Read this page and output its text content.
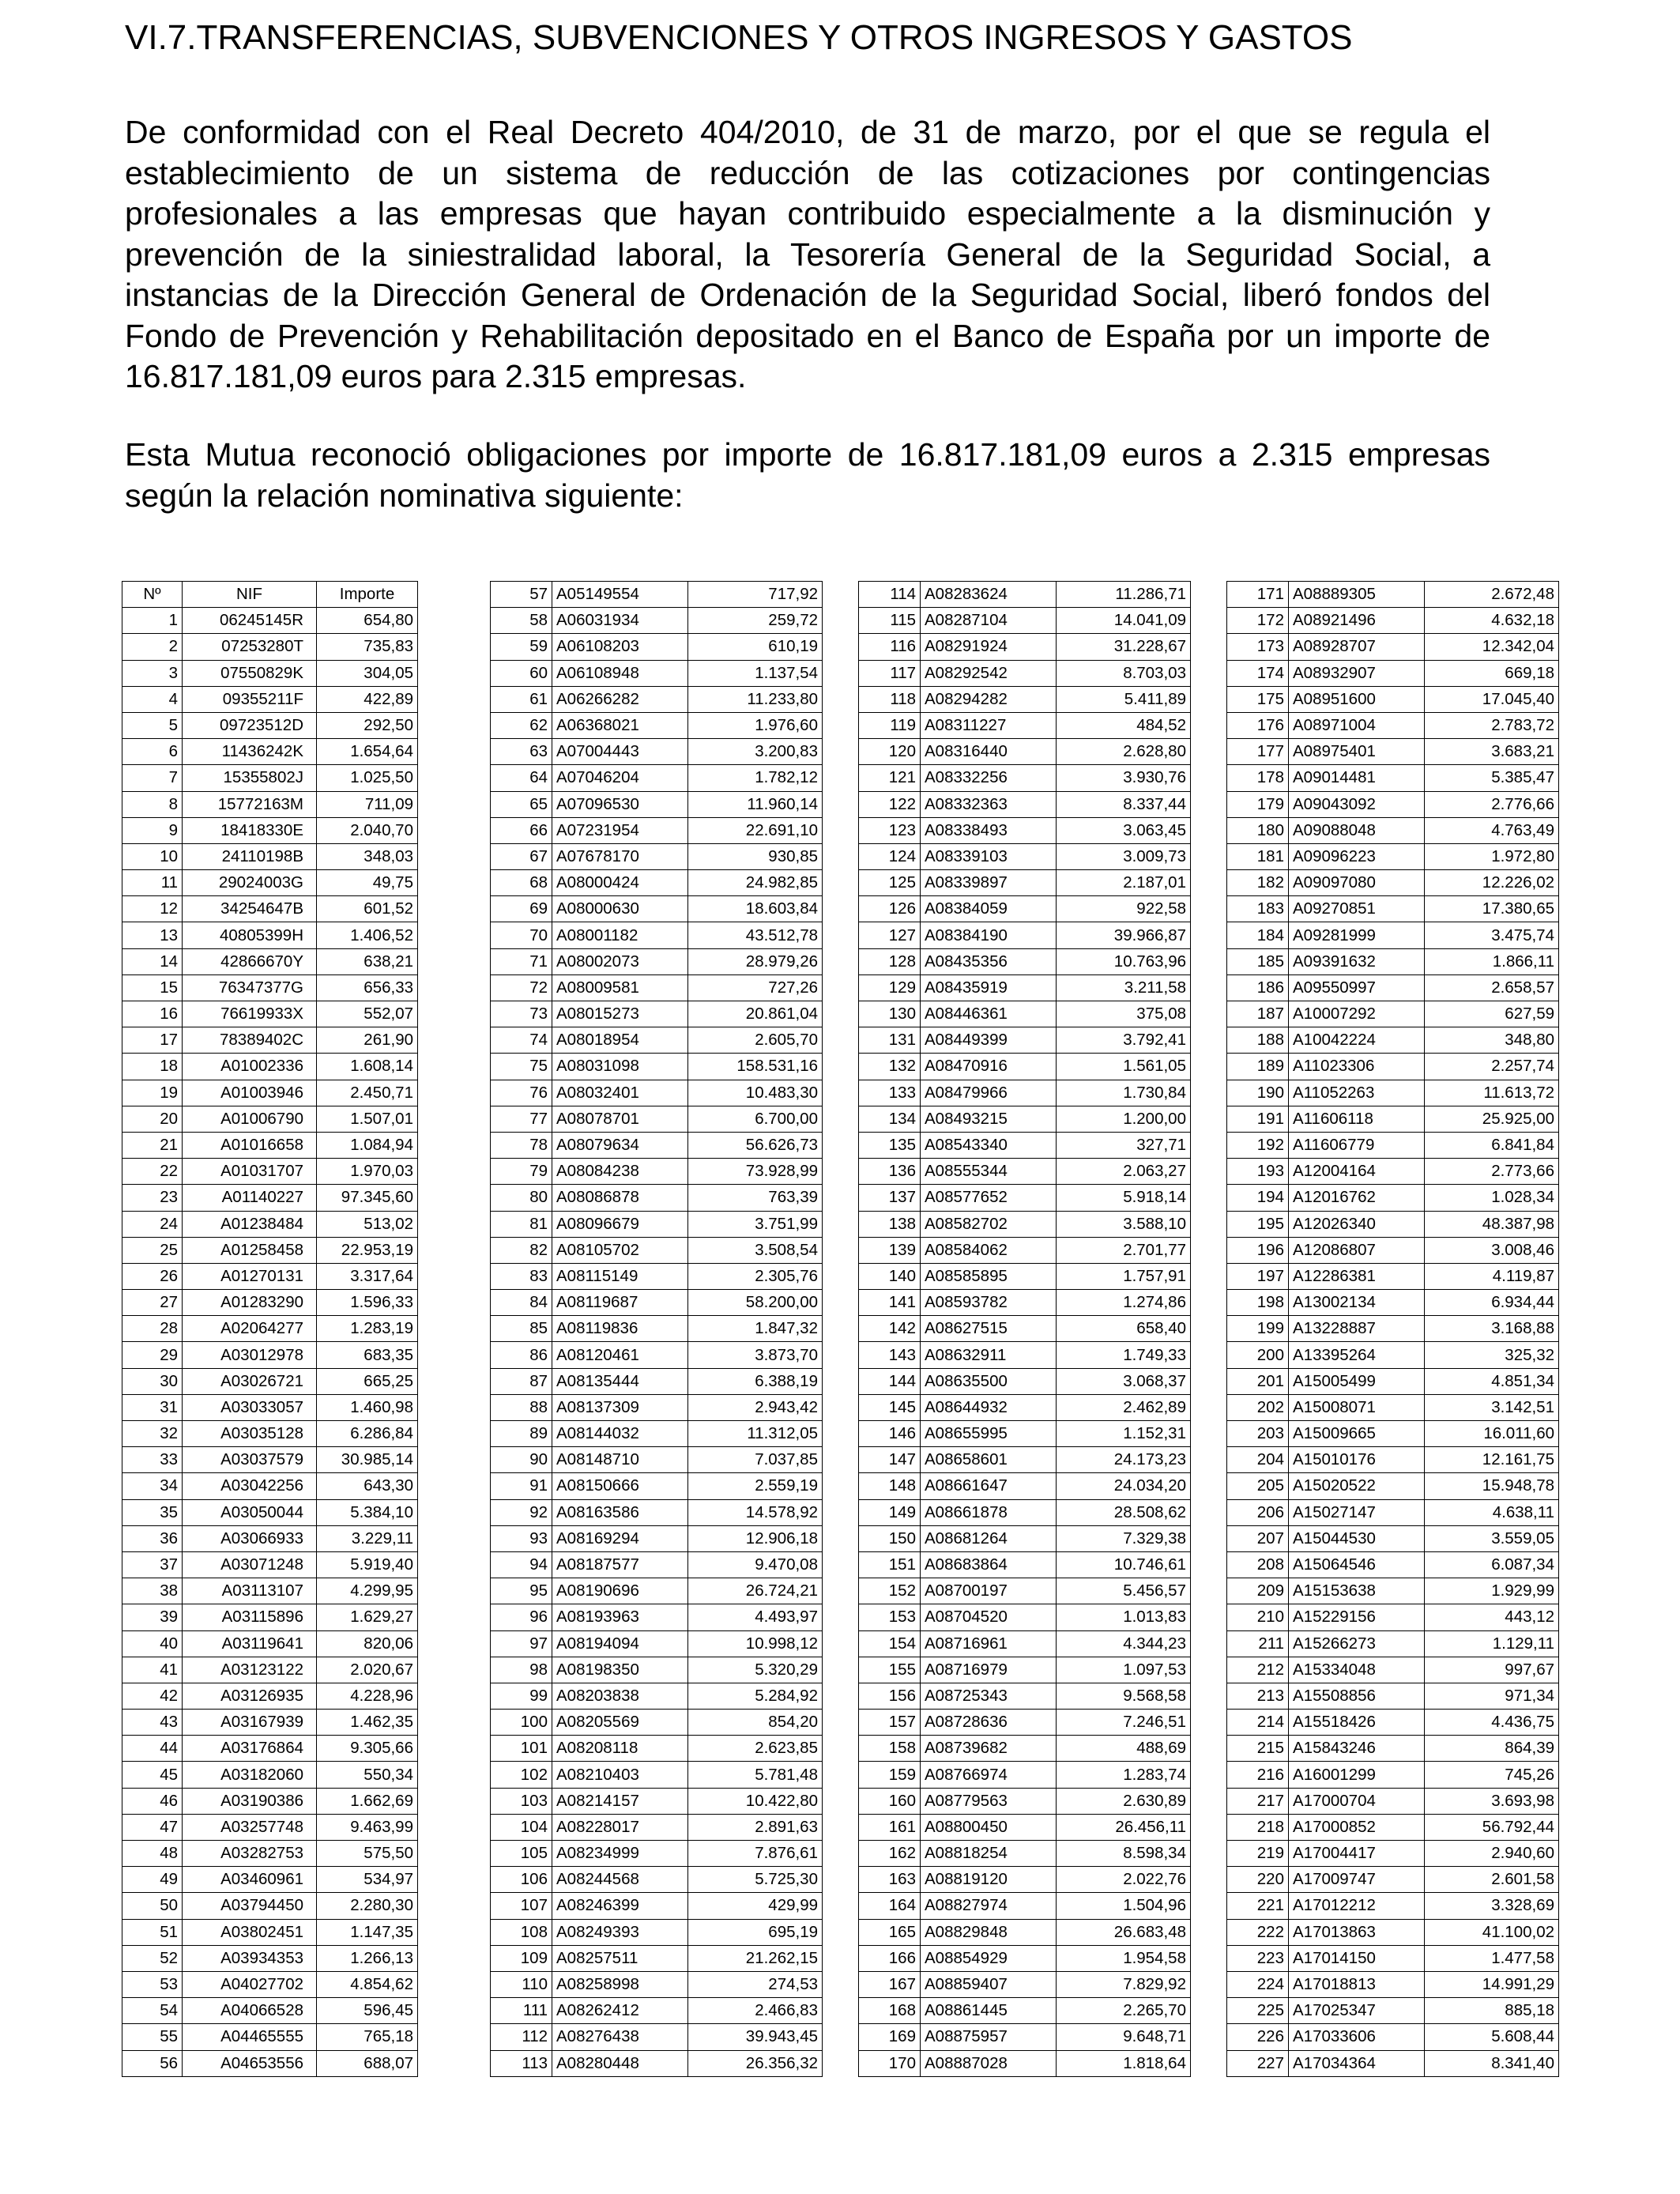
VI.7.TRANSFERENCIAS, SUBVENCIONES Y OTROS INGRESOS Y GASTOS

De conformidad con el Real Decreto 404/2010, de 31 de marzo, por el que se regula el establecimiento de un sistema de reducción de las cotizaciones por contingencias profesionales a las empresas que hayan contribuido especialmente a la disminución y prevención de la siniestralidad laboral, la Tesorería General de la Seguridad Social, a instancias de la Dirección General de Ordenación de la Seguridad Social, liberó fondos del Fondo de Prevención y Rehabilitación depositado en el Banco de España por un importe de 16.817.181,09 euros para 2.315 empresas.

Esta Mutua reconoció obligaciones por importe de 16.817.181,09 euros a 2.315 empresas según la relación nominativa siguiente:

Nº	NIF	Importe
1	06245145R	654,80
2	07253280T	735,83
3	07550829K	304,05
4	09355211F	422,89
5	09723512D	292,50
6	11436242K	1.654,64
7	15355802J	1.025,50
8	15772163M	711,09
9	18418330E	2.040,70
10	24110198B	348,03
11	29024003G	49,75
12	34254647B	601,52
13	40805399H	1.406,52
14	42866670Y	638,21
15	76347377G	656,33
16	76619933X	552,07
17	78389402C	261,90
18	A01002336	1.608,14
19	A01003946	2.450,71
20	A01006790	1.507,01
21	A01016658	1.084,94
22	A01031707	1.970,03
23	A01140227	97.345,60
24	A01238484	513,02
25	A01258458	22.953,19
26	A01270131	3.317,64
27	A01283290	1.596,33
28	A02064277	1.283,19
29	A03012978	683,35
30	A03026721	665,25
31	A03033057	1.460,98
32	A03035128	6.286,84
33	A03037579	30.985,14
34	A03042256	643,30
35	A03050044	5.384,10
36	A03066933	3.229,11
37	A03071248	5.919,40
38	A03113107	4.299,95
39	A03115896	1.629,27
40	A03119641	820,06
41	A03123122	2.020,67
42	A03126935	4.228,96
43	A03167939	1.462,35
44	A03176864	9.305,66
45	A03182060	550,34
46	A03190386	1.662,69
47	A03257748	9.463,99
48	A03282753	575,50
49	A03460961	534,97
50	A03794450	2.280,30
51	A03802451	1.147,35
52	A03934353	1.266,13
53	A04027702	4.854,62
54	A04066528	596,45
55	A04465555	765,18
56	A04653556	688,07
57	A05149554	717,92
58	A06031934	259,72
59	A06108203	610,19
60	A06108948	1.137,54
61	A06266282	11.233,80
62	A06368021	1.976,60
63	A07004443	3.200,83
64	A07046204	1.782,12
65	A07096530	11.960,14
66	A07231954	22.691,10
67	A07678170	930,85
68	A08000424	24.982,85
69	A08000630	18.603,84
70	A08001182	43.512,78
71	A08002073	28.979,26
72	A08009581	727,26
73	A08015273	20.861,04
74	A08018954	2.605,70
75	A08031098	158.531,16
76	A08032401	10.483,30
77	A08078701	6.700,00
78	A08079634	56.626,73
79	A08084238	73.928,99
80	A08086878	763,39
81	A08096679	3.751,99
82	A08105702	3.508,54
83	A08115149	2.305,76
84	A08119687	58.200,00
85	A08119836	1.847,32
86	A08120461	3.873,70
87	A08135444	6.388,19
88	A08137309	2.943,42
89	A08144032	11.312,05
90	A08148710	7.037,85
91	A08150666	2.559,19
92	A08163586	14.578,92
93	A08169294	12.906,18
94	A08187577	9.470,08
95	A08190696	26.724,21
96	A08193963	4.493,97
97	A08194094	10.998,12
98	A08198350	5.320,29
99	A08203838	5.284,92
100	A08205569	854,20
101	A08208118	2.623,85
102	A08210403	5.781,48
103	A08214157	10.422,80
104	A08228017	2.891,63
105	A08234999	7.876,61
106	A08244568	5.725,30
107	A08246399	429,99
108	A08249393	695,19
109	A08257511	21.262,15
110	A08258998	274,53
111	A08262412	2.466,83
112	A08276438	39.943,45
113	A08280448	26.356,32
114	A08283624	11.286,71
115	A08287104	14.041,09
116	A08291924	31.228,67
117	A08292542	8.703,03
118	A08294282	5.411,89
119	A08311227	484,52
120	A08316440	2.628,80
121	A08332256	3.930,76
122	A08332363	8.337,44
123	A08338493	3.063,45
124	A08339103	3.009,73
125	A08339897	2.187,01
126	A08384059	922,58
127	A08384190	39.966,87
128	A08435356	10.763,96
129	A08435919	3.211,58
130	A08446361	375,08
131	A08449399	3.792,41
132	A08470916	1.561,05
133	A08479966	1.730,84
134	A08493215	1.200,00
135	A08543340	327,71
136	A08555344	2.063,27
137	A08577652	5.918,14
138	A08582702	3.588,10
139	A08584062	2.701,77
140	A08585895	1.757,91
141	A08593782	1.274,86
142	A08627515	658,40
143	A08632911	1.749,33
144	A08635500	3.068,37
145	A08644932	2.462,89
146	A08655995	1.152,31
147	A08658601	24.173,23
148	A08661647	24.034,20
149	A08661878	28.508,62
150	A08681264	7.329,38
151	A08683864	10.746,61
152	A08700197	5.456,57
153	A08704520	1.013,83
154	A08716961	4.344,23
155	A08716979	1.097,53
156	A08725343	9.568,58
157	A08728636	7.246,51
158	A08739682	488,69
159	A08766974	1.283,74
160	A08779563	2.630,89
161	A08800450	26.456,11
162	A08818254	8.598,34
163	A08819120	2.022,76
164	A08827974	1.504,96
165	A08829848	26.683,48
166	A08854929	1.954,58
167	A08859407	7.829,92
168	A08861445	2.265,70
169	A08875957	9.648,71
170	A08887028	1.818,64
171	A08889305	2.672,48
172	A08921496	4.632,18
173	A08928707	12.342,04
174	A08932907	669,18
175	A08951600	17.045,40
176	A08971004	2.783,72
177	A08975401	3.683,21
178	A09014481	5.385,47
179	A09043092	2.776,66
180	A09088048	4.763,49
181	A09096223	1.972,80
182	A09097080	12.226,02
183	A09270851	17.380,65
184	A09281999	3.475,74
185	A09391632	1.866,11
186	A09550997	2.658,57
187	A10007292	627,59
188	A10042224	348,80
189	A11023306	2.257,74
190	A11052263	11.613,72
191	A11606118	25.925,00
192	A11606779	6.841,84
193	A12004164	2.773,66
194	A12016762	1.028,34
195	A12026340	48.387,98
196	A12086807	3.008,46
197	A12286381	4.119,87
198	A13002134	6.934,44
199	A13228887	3.168,88
200	A13395264	325,32
201	A15005499	4.851,34
202	A15008071	3.142,51
203	A15009665	16.011,60
204	A15010176	12.161,75
205	A15020522	15.948,78
206	A15027147	4.638,11
207	A15044530	3.559,05
208	A15064546	6.087,34
209	A15153638	1.929,99
210	A15229156	443,12
211	A15266273	1.129,11
212	A15334048	997,67
213	A15508856	971,34
214	A15518426	4.436,75
215	A15843246	864,39
216	A16001299	745,26
217	A17000704	3.693,98
218	A17000852	56.792,44
219	A17004417	2.940,60
220	A17009747	2.601,58
221	A17012212	3.328,69
222	A17013863	41.100,02
223	A17014150	1.477,58
224	A17018813	14.991,29
225	A17025347	885,18
226	A17033606	5.608,44
227	A17034364	8.341,40
